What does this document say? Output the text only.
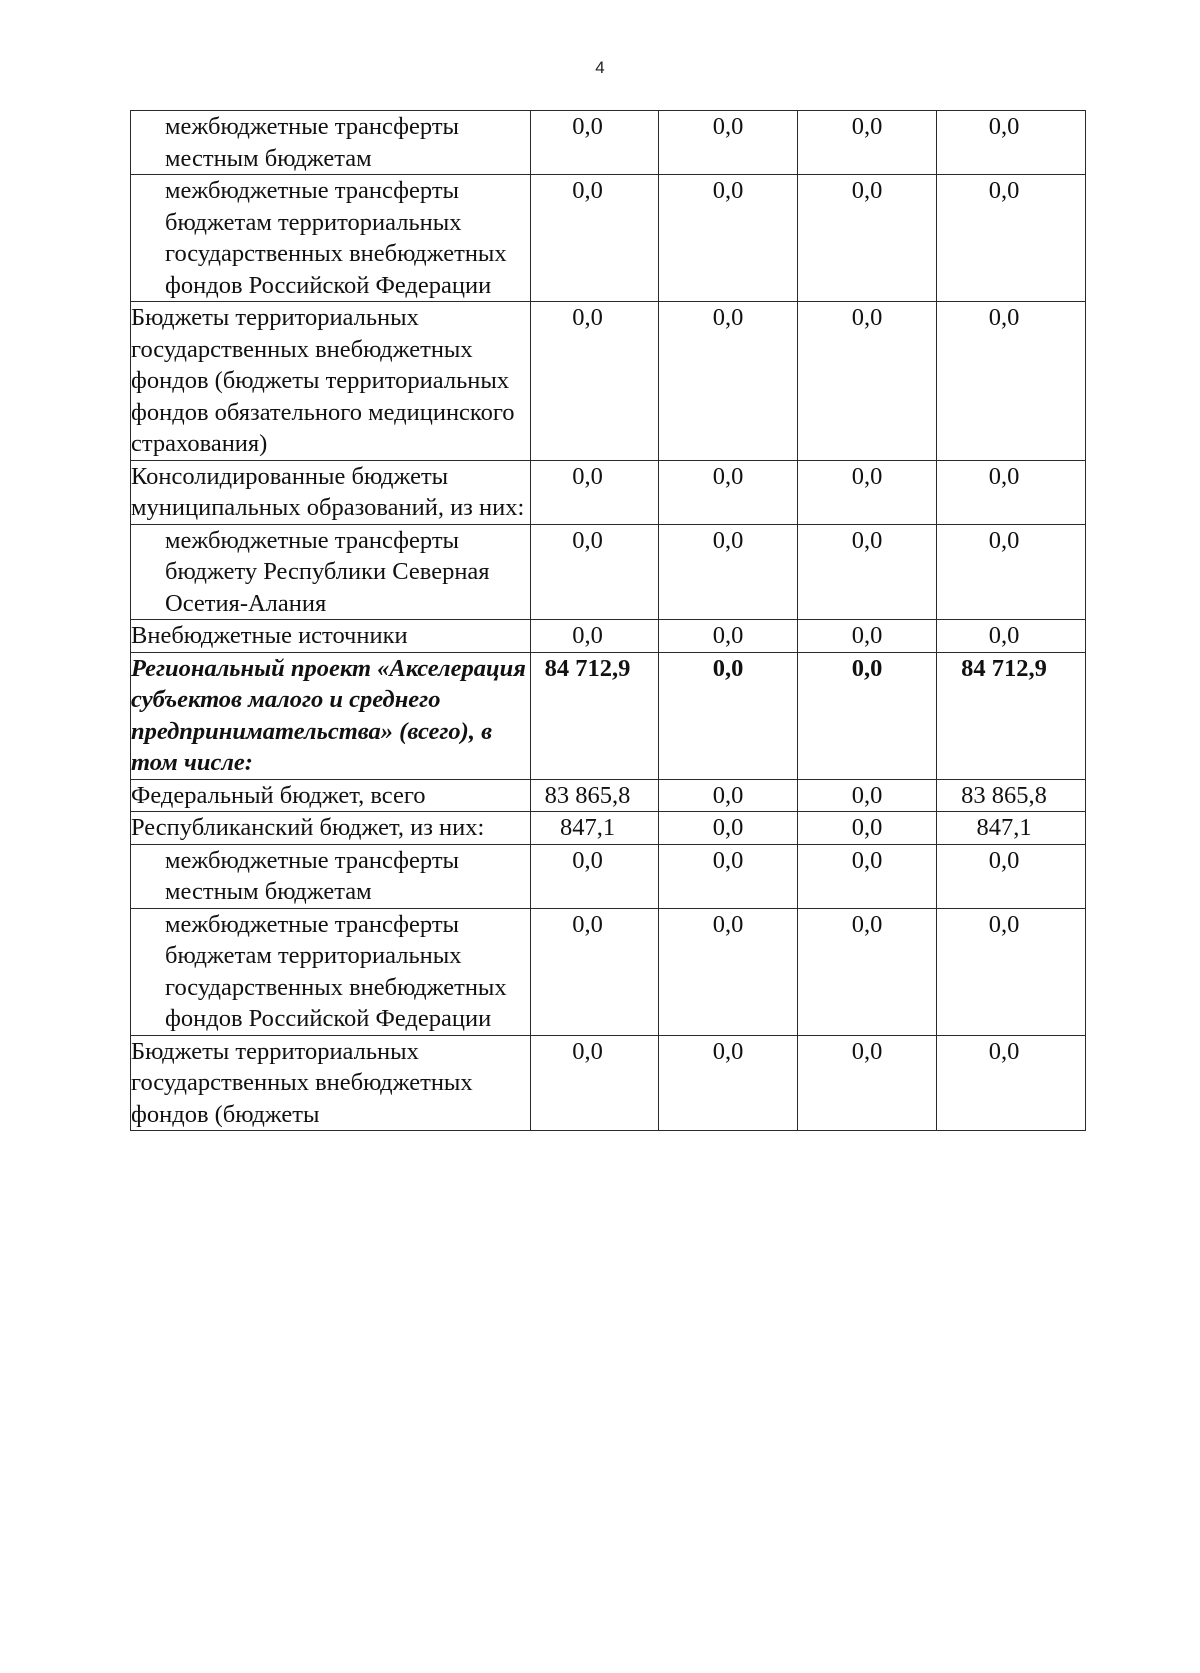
4
межбюджетные трансферты местным бюджетам	0,0	0,0	0,0	0,0
межбюджетные трансферты бюджетам территориальных государственных внебюджетных фондов Российской Федерации	0,0	0,0	0,0	0,0
Бюджеты территориальных государственных внебюджетных фондов (бюджеты территориальных фондов обязательного медицинского страхования)	0,0	0,0	0,0	0,0
Консолидированные бюджеты муниципальных образований, из них:	0,0	0,0	0,0	0,0
межбюджетные трансферты бюджету Республики Северная Осетия-Алания	0,0	0,0	0,0	0,0
Внебюджетные источники	0,0	0,0	0,0	0,0
Региональный проект «Акселерация субъектов малого и среднего предпринимательства» (всего), в том числе:	84 712,9	0,0	0,0	84 712,9
Федеральный бюджет, всего	83 865,8	0,0	0,0	83 865,8
Республиканский бюджет, из них:	847,1	0,0	0,0	847,1
межбюджетные трансферты местным бюджетам	0,0	0,0	0,0	0,0
межбюджетные трансферты бюджетам территориальных государственных внебюджетных фондов Российской Федерации	0,0	0,0	0,0	0,0
Бюджеты территориальных государственных внебюджетных фондов (бюджеты	0,0	0,0	0,0	0,0
